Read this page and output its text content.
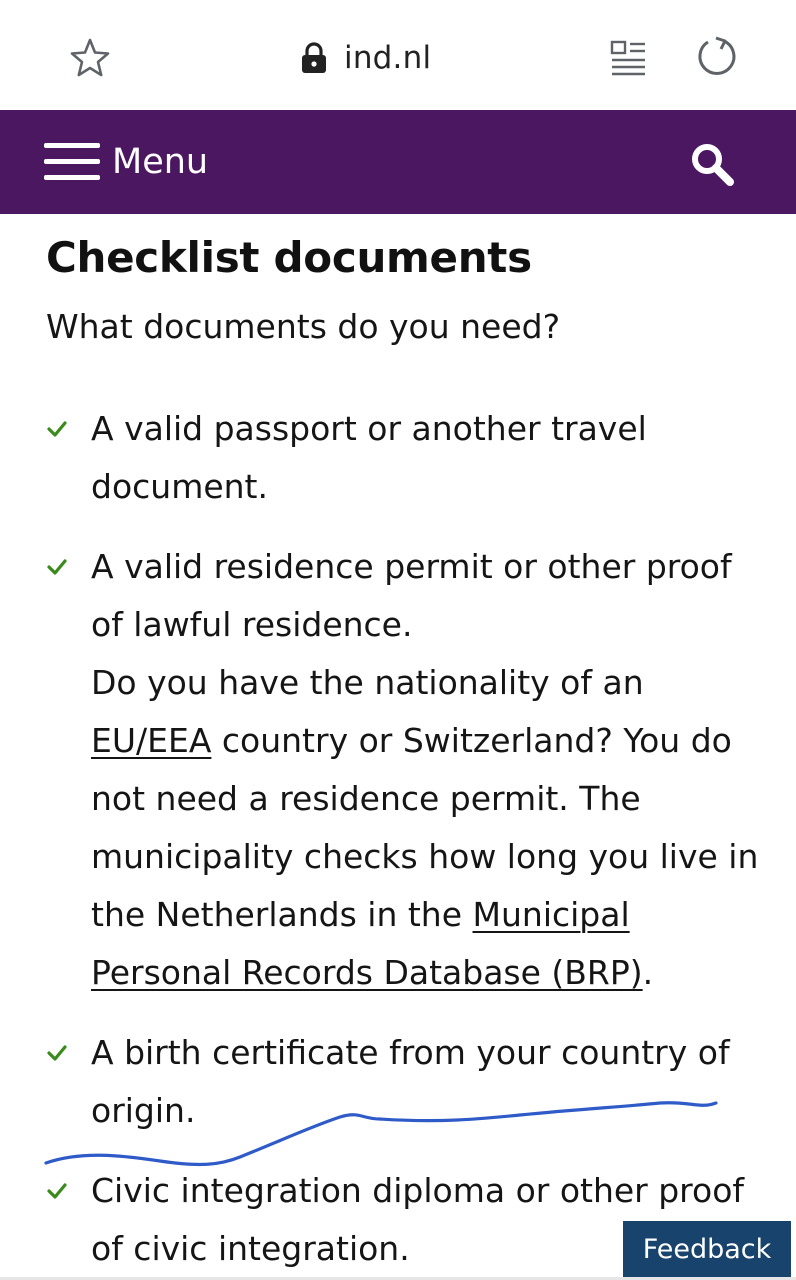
ind.nl
Menu
Checklist documents

What documents do you need?

A valid passport or another travel document.

A valid residence permit or other proof of lawful residence.

Do you have the nationality of an EU/EEA country or Switzerland? You do not need a residence permit. The municipality checks how long you live in the Netherlands in the Municipal Personal Records Database (BRP).

A birth certificate from your country of origin.

Civic integration diploma or other proof of civic integration.	Feedback
